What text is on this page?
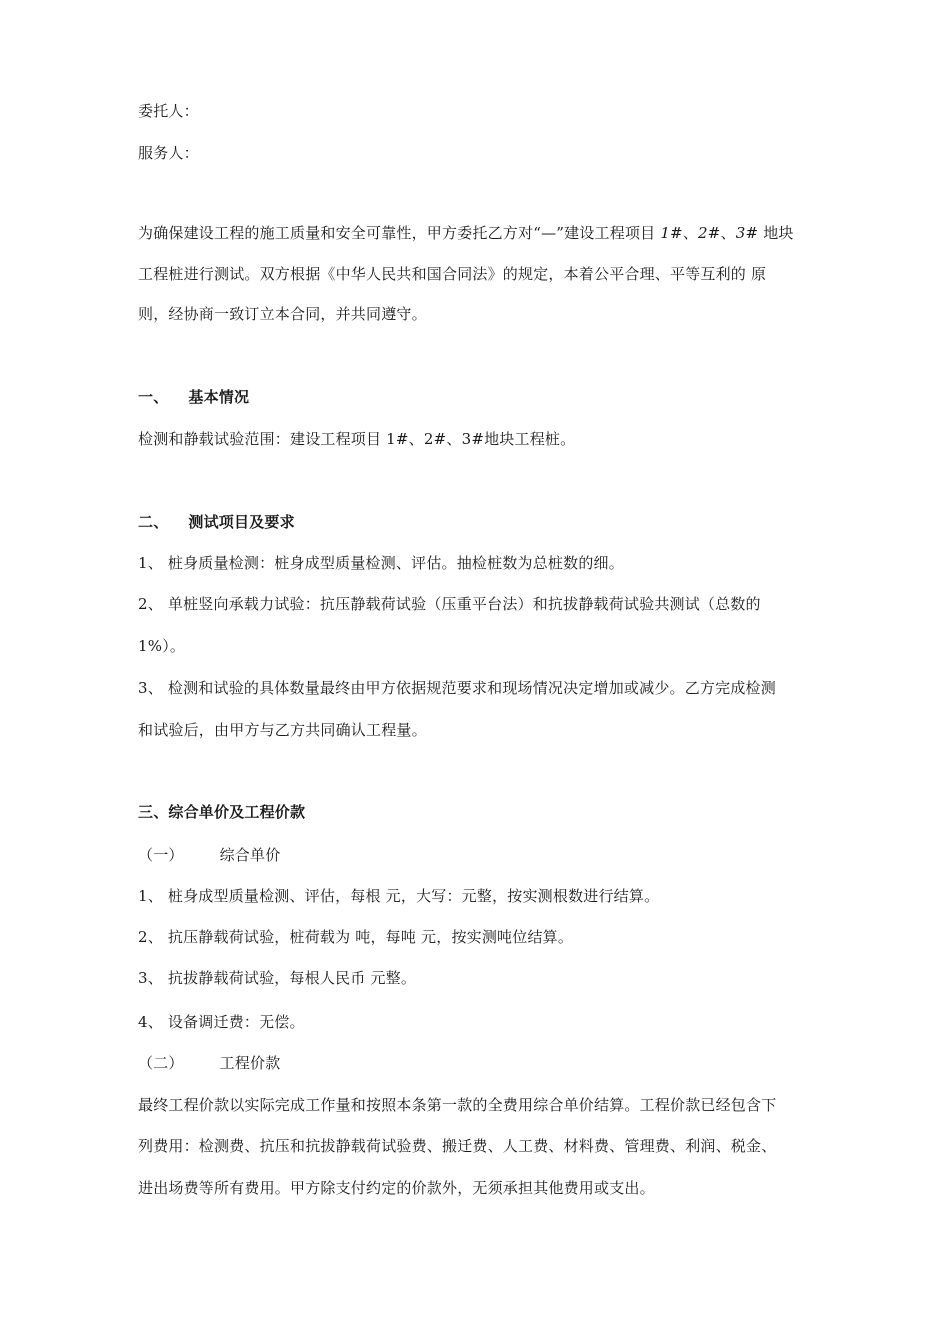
委托人：

服务人：

为确保建设工程的施工质量和安全可靠性，甲方委托乙方对“—”建设工程项目 1#、2#、3# 地块

工程桩进行测试。双方根据《中华人民共和国合同法》的规定，本着公平合理、平等互利的 原

则，经协商一致订立本合同，并共同遵守。

一、 基本情况

检测和静载试验范围：建设工程项目 1#、2#、3#地块工程桩。

二、 测试项目及要求

1、 桩身质量检测：桩身成型质量检测、评估。抽检桩数为总桩数的细。

2、 单桩竖向承载力试验：抗压静载荷试验（压重平台法）和抗拔静载荷试验共测试（总数的

1%）。

3、 检测和试验的具体数量最终由甲方依据规范要求和现场情况决定增加或减少。乙方完成检测

和试验后，由甲方与乙方共同确认工程量。

三、综合单价及工程价款

（一） 综合单价

1、 桩身成型质量检测、评估，每根 元，大写：元整，按实测根数进行结算。

2、 抗压静载荷试验，桩荷载为 吨，每吨 元，按实测吨位结算。

3、 抗拔静载荷试验，每根人民币 元整。

4、 设备调迁费：无偿。

（二） 工程价款

最终工程价款以实际完成工作量和按照本条第一款的全费用综合单价结算。工程价款已经包含下

列费用：检测费、抗压和抗拔静载荷试验费、搬迁费、人工费、材料费、管理费、利润、税金、

进出场费等所有费用。甲方除支付约定的价款外，无须承担其他费用或支出。
